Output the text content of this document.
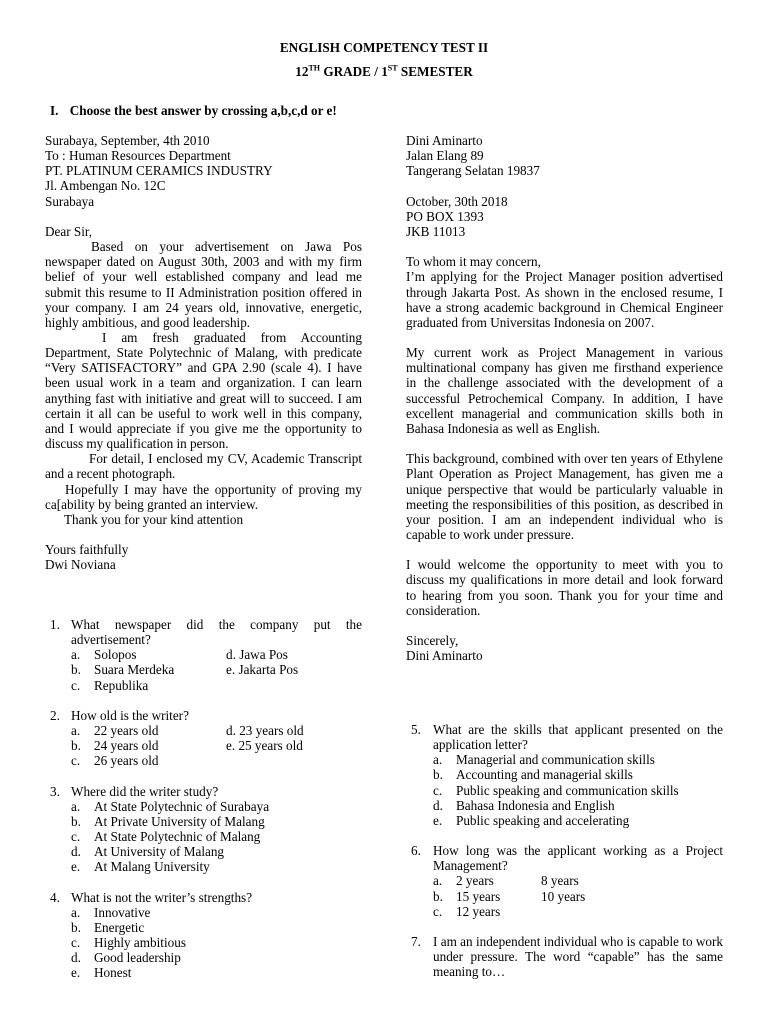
ENGLISH COMPETENCY TEST II
12TH GRADE / 1ST SEMESTER
I. Choose the best answer by crossing a,b,c,d or e!
Surabaya, September, 4th 2010
To : Human Resources Department
PT. PLATINUM CERAMICS INDUSTRY
Jl. Ambengan No. 12C
Surabaya
Dear Sir,
Based on your advertisement on Jawa Pos newspaper dated on August 30th, 2003 and with my firm belief of your well established company and lead me submit this resume to II Administration position offered in your company. I am 24 years old, innovative, energetic, highly ambitious, and good leadership.
I am fresh graduated from Accounting Department, State Polytechnic of Malang, with predicate “Very SATISFACTORY” and GPA 2.90 (scale 4). I have been usual work in a team and organization. I can learn anything fast with initiative and great will to succeed. I am certain it all can be useful to work well in this company, and I would appreciate if you give me the opportunity to discuss my qualification in person.
For detail, I enclosed my CV, Academic Transcript and a recent photograph.
Hopefully I may have the opportunity of proving my ca[ability by being granted an interview.
Thank you for your kind attention
Yours faithfully
Dwi Noviana
1. What newspaper did the company put the advertisement?
a. Solopos	d. Jawa Pos
b. Suara Merdeka	e. Jakarta Pos
c. Republika
2. How old is the writer?
a. 22 years old	d. 23 years old
b. 24 years old	e. 25 years old
c. 26 years old
3. Where did the writer study?
a. At State Polytechnic of Surabaya
b. At Private University of Malang
c. At State Polytechnic of Malang
d. At University of Malang
e. At Malang University
4. What is not the writer’s strengths?
a. Innovative
b. Energetic
c. Highly ambitious
d. Good leadership
e. Honest
Dini Aminarto
Jalan Elang 89
Tangerang Selatan 19837
October, 30th 2018
PO BOX 1393
JKB 11013
To whom it may concern,
I’m applying for the Project Manager position advertised through Jakarta Post. As shown in the enclosed resume, I have a strong academic background in Chemical Engineer graduated from Universitas Indonesia on 2007.
My current work as Project Management in various multinational company has given me firsthand experience in the challenge associated with the development of a successful Petrochemical Company. In addition, I have excellent managerial and communication skills both in Bahasa Indonesia as well as English.
This background, combined with over ten years of Ethylene Plant Operation as Project Management, has given me a unique perspective that would be particularly valuable in meeting the responsibilities of this position, as described in your position. I am an independent individual who is capable to work under pressure.
I would welcome the opportunity to meet with you to discuss my qualifications in more detail and look forward to hearing from you soon. Thank you for your time and consideration.
Sincerely,
Dini Aminarto
5. What are the skills that applicant presented on the application letter?
a. Managerial and communication skills
b. Accounting and managerial skills
c. Public speaking and communication skills
d. Bahasa Indonesia and English
e. Public speaking and accelerating
6. How long was the applicant working as a Project Management?
a. 2 years	8 years
b. 15 years	10 years
c. 12 years
7. I am an independent individual who is capable to work under pressure. The word “capable” has the same meaning to…
